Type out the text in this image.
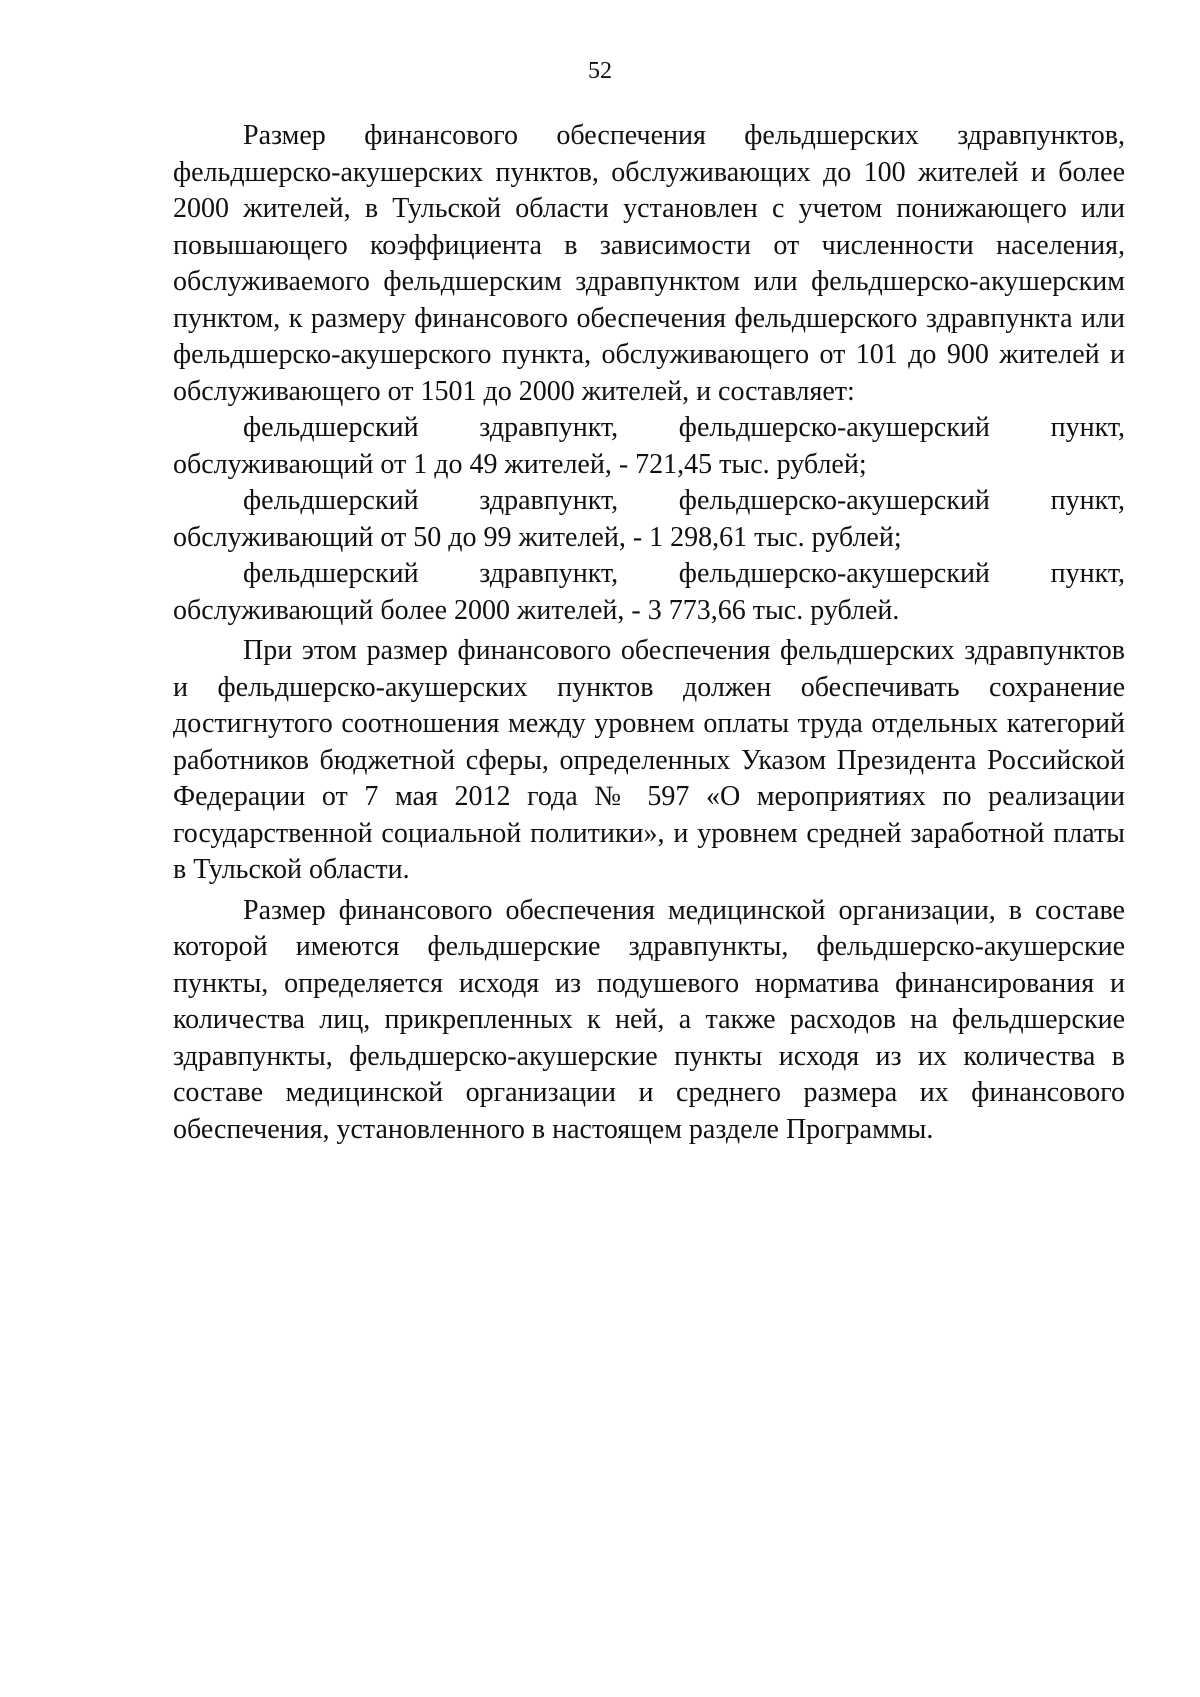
52

Размер финансового обеспечения фельдшерских здравпунктов, фельдшерско-акушерских пунктов, обслуживающих до 100 жителей и более 2000 жителей, в Тульской области установлен с учетом понижающего или повышающего коэффициента в зависимости от численности населения, обслуживаемого фельдшерским здравпунктом или фельдшерско-акушерским пунктом, к размеру финансового обеспечения фельдшерского здравпункта или фельдшерско-акушерского пункта, обслуживающего от 101 до 900 жителей и обслуживающего от 1501 до 2000 жителей, и составляет:

фельдшерский здравпункт, фельдшерско-акушерский пункт, обслуживающий от 1 до 49 жителей, - 721,45 тыс. рублей;

фельдшерский здравпункт, фельдшерско-акушерский пункт, обслуживающий от 50 до 99 жителей, - 1 298,61 тыс. рублей;

фельдшерский здравпункт, фельдшерско-акушерский пункт, обслуживающий более 2000 жителей, - 3 773,66 тыс. рублей.

При этом размер финансового обеспечения фельдшерских здравпунктов и фельдшерско-акушерских пунктов должен обеспечивать сохранение достигнутого соотношения между уровнем оплаты труда отдельных категорий работников бюджетной сферы, определенных Указом Президента Российской Федерации от 7 мая 2012 года № 597 «О мероприятиях по реализации государственной социальной политики», и уровнем средней заработной платы в Тульской области.

Размер финансового обеспечения медицинской организации, в составе которой имеются фельдшерские здравпункты, фельдшерско-акушерские пункты, определяется исходя из подушевого норматива финансирования и количества лиц, прикрепленных к ней, а также расходов на фельдшерские здравпункты, фельдшерско-акушерские пункты исходя из их количества в составе медицинской организации и среднего размера их финансового обеспечения, установленного в настоящем разделе Программы.
